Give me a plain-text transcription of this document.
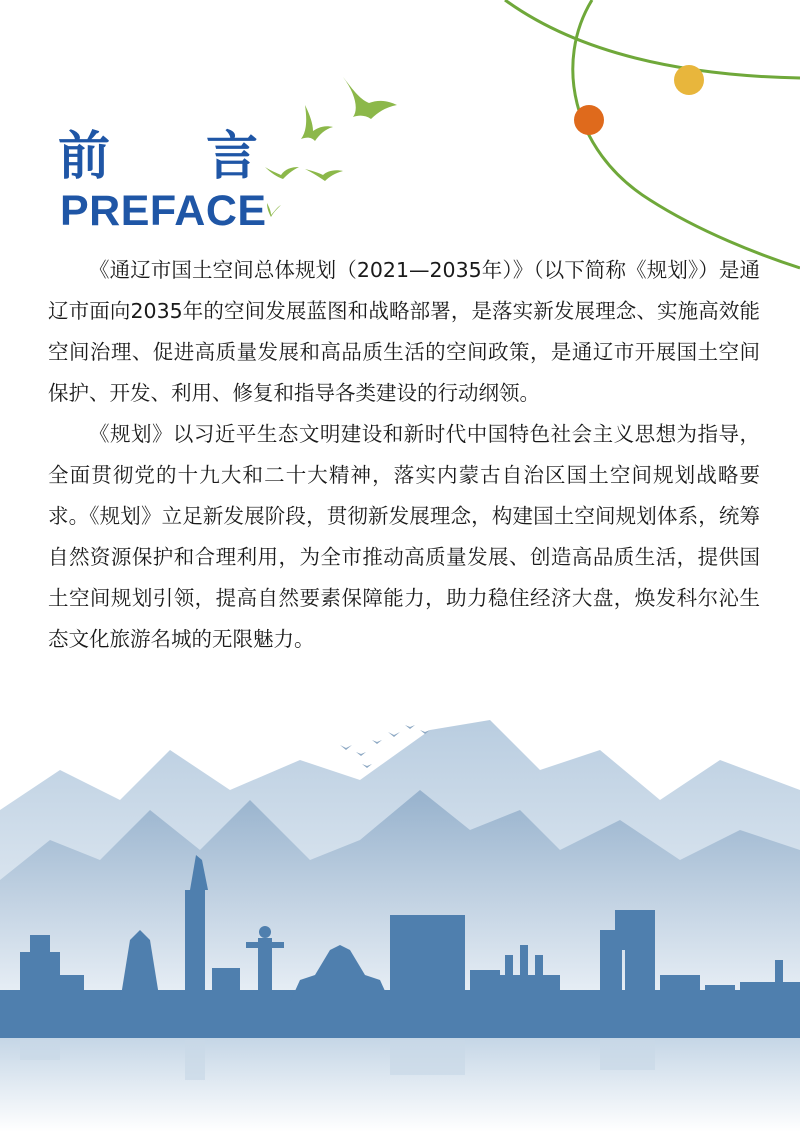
前 言
PREFACE

《通辽市国土空间总体规划（2021—2035年）》（以下简称《规划》）是通辽市面向2035年的空间发展蓝图和战略部署，是落实新发展理念、实施高效能空间治理、促进高质量发展和高品质生活的空间政策，是通辽市开展国土空间保护、开发、利用、修复和指导各类建设的行动纲领。

《规划》以习近平生态文明建设和新时代中国特色社会主义思想为指导，全面贯彻党的十九大和二十大精神，落实内蒙古自治区国土空间规划战略要求。《规划》立足新发展阶段，贯彻新发展理念，构建国土空间规划体系，统筹自然资源保护和合理利用，为全市推动高质量发展、创造高品质生活，提供国土空间规划引领，提高自然要素保障能力，助力稳住经济大盘，焕发科尔沁生态文化旅游名城的无限魅力。
